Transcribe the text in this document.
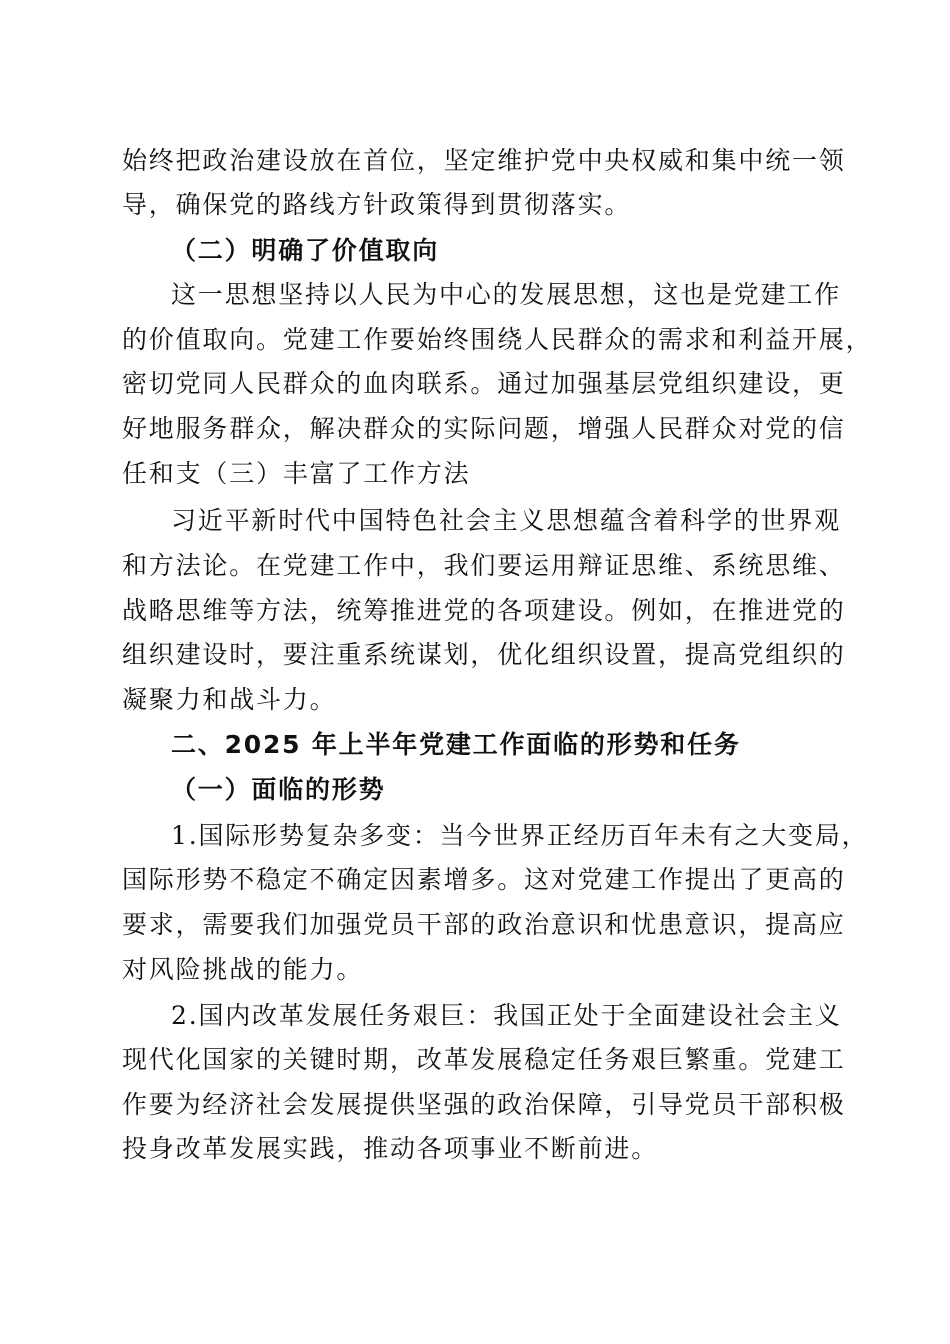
始终把政治建设放在首位，坚定维护党中央权威和集中统一领
导，确保党的路线方针政策得到贯彻落实。
（二）明确了价值取向
这一思想坚持以人民为中心的发展思想，这也是党建工作
的价值取向。党建工作要始终围绕人民群众的需求和利益开展，
密切党同人民群众的血肉联系。通过加强基层党组织建设，更
好地服务群众，解决群众的实际问题，增强人民群众对党的信
任和支（三）丰富了工作方法
习近平新时代中国特色社会主义思想蕴含着科学的世界观
和方法论。在党建工作中，我们要运用辩证思维、系统思维、
战略思维等方法，统筹推进党的各项建设。例如，在推进党的
组织建设时，要注重系统谋划，优化组织设置，提高党组织的
凝聚力和战斗力。
二、2025 年上半年党建工作面临的形势和任务
（一）面临的形势
1.国际形势复杂多变：当今世界正经历百年未有之大变局，
国际形势不稳定不确定因素增多。这对党建工作提出了更高的
要求，需要我们加强党员干部的政治意识和忧患意识，提高应
对风险挑战的能力。
2.国内改革发展任务艰巨：我国正处于全面建设社会主义
现代化国家的关键时期，改革发展稳定任务艰巨繁重。党建工
作要为经济社会发展提供坚强的政治保障，引导党员干部积极
投身改革发展实践，推动各项事业不断前进。
